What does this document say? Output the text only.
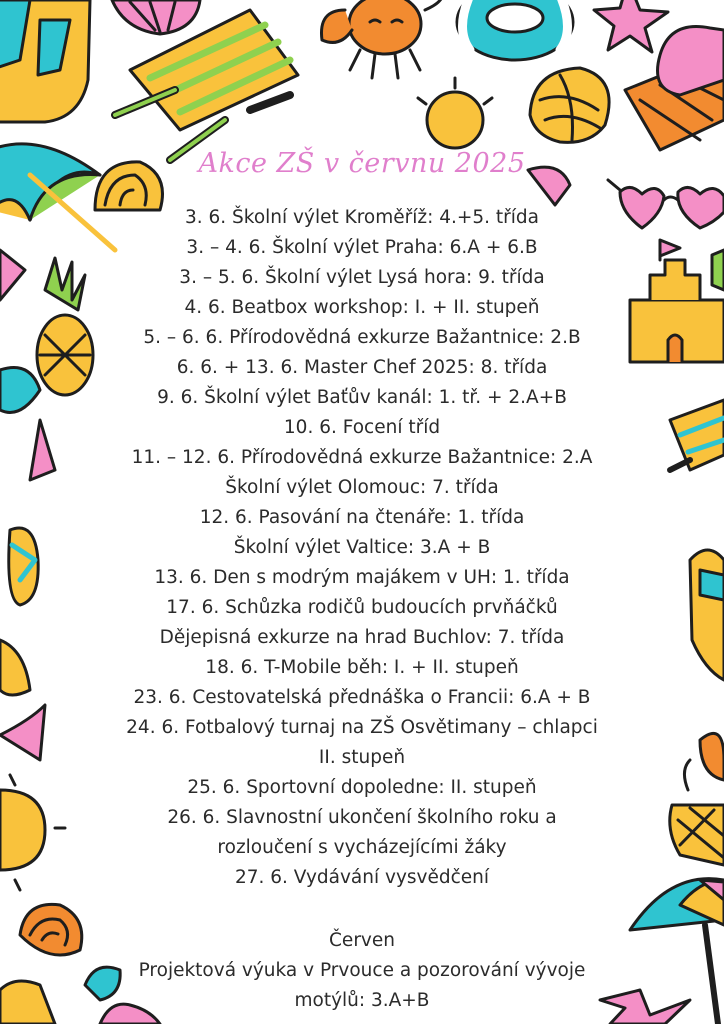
Akce ZŠ v červnu 2025
3. 6. Školní výlet Kroměříž: 4.+5. třída
3. – 4. 6. Školní výlet Praha: 6.A + 6.B
3. – 5. 6. Školní výlet Lysá hora: 9. třída
4. 6. Beatbox workshop: I. + II. stupeň
5. – 6. 6. Přírodovědná exkurze Bažantnice: 2.B
6. 6. + 13. 6. Master Chef 2025: 8. třída
9. 6. Školní výlet Baťův kanál: 1. tř. + 2.A+B
10. 6. Focení tříd
11. – 12. 6. Přírodovědná exkurze Bažantnice: 2.A
Školní výlet Olomouc: 7. třída
12. 6. Pasování na čtenáře: 1. třída
Školní výlet Valtice: 3.A + B
13. 6. Den s modrým majákem v UH: 1. třída
17. 6. Schůzka rodičů budoucích prvňáčků
Dějepisná exkurze na hrad Buchlov: 7. třída
18. 6. T-Mobile běh: I. + II. stupeň
23. 6. Cestovatelská přednáška o Francii: 6.A + B
24. 6. Fotbalový turnaj na ZŠ Osvětimany – chlapci
II. stupeň
25. 6. Sportovní dopoledne: II. stupeň
26. 6. Slavnostní ukončení školního roku a
rozloučení s vycházejícími žáky
27. 6. Vydávání vysvědčení
Červen
Projektová výuka v Prvouce a pozorování vývoje
motýlů: 3.A+B
